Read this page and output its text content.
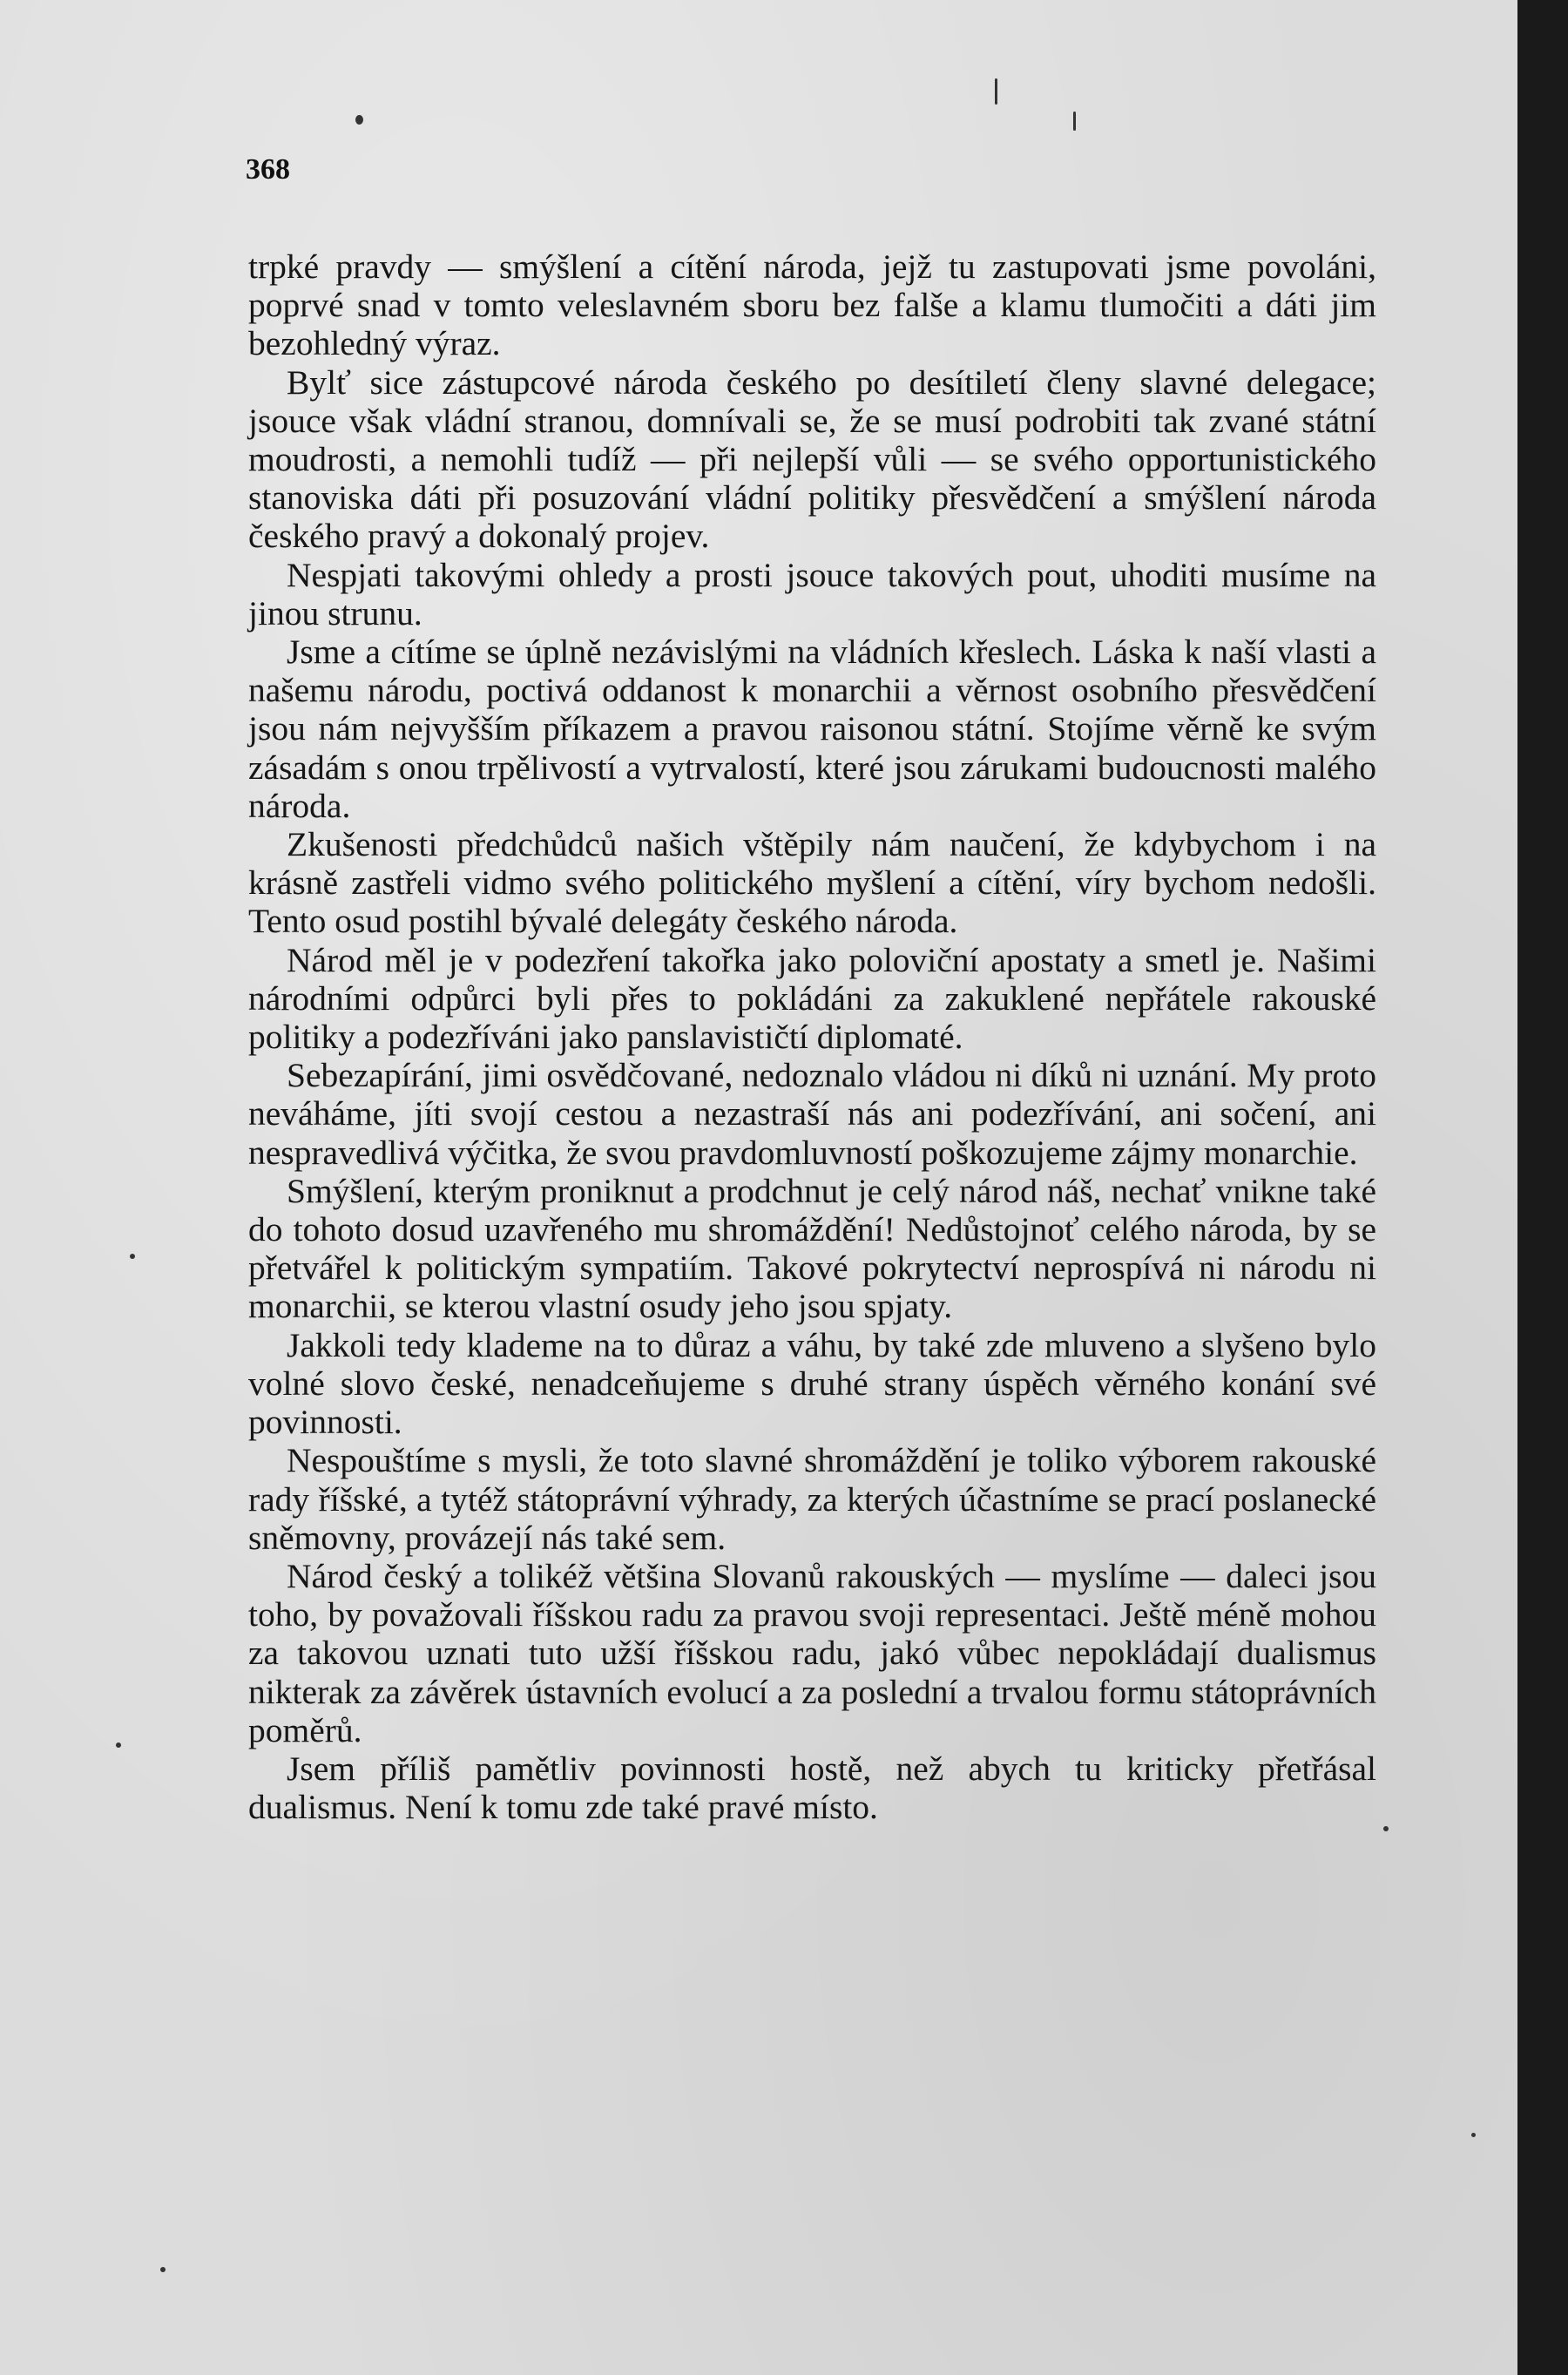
368

trpké pravdy — smýšlení a cítění národa, jejž tu zastupovati jsme povoláni, poprvé snad v tomto veleslavném sboru bez falše a klamu tlumočiti a dáti jim bezohledný výraz.

Bylť sice zástupcové národa českého po desítiletí členy slavné delegace; jsouce však vládní stranou, domnívali se, že se musí podrobiti tak zvané státní moudrosti, a nemohli tudíž — při nejlepší vůli — se svého opportunistického stanoviska dáti při posuzování vládní politiky přesvědčení a smýšlení národa českého pravý a dokonalý projev.

Nespjati takovými ohledy a prosti jsouce takových pout, uhoditi musíme na jinou strunu.

Jsme a cítíme se úplně nezávislými na vládních křeslech. Láska k naší vlasti a našemu národu, poctivá oddanost k monarchii a věrnost osobního přesvědčení jsou nám nejvyšším příkazem a pravou raisonou státní. Stojíme věrně ke svým zásadám s onou trpělivostí a vytrvalostí, které jsou zárukami budoucnosti malého národa.

Zkušenosti předchůdců našich vštěpily nám naučení, že kdybychom i na krásně zastřeli vidmo svého politického myšlení a cítění, víry bychom nedošli. Tento osud postihl bývalé delegáty českého národa.

Národ měl je v podezření takořka jako poloviční apostaty a smetl je. Našimi národními odpůrci byli přes to pokládáni za zakuklené nepřátele rakouské politiky a podezříváni jako panslavističtí diplomaté.

Sebezapírání, jimi osvědčované, nedoznalo vládou ni díků ni uznání. My proto neváháme, jíti svojí cestou a nezastraší nás ani podezřívání, ani sočení, ani nespravedlivá výčitka, že svou pravdomluvností poškozujeme zájmy monarchie.

Smýšlení, kterým proniknut a prodchnut je celý národ náš, nechať vnikne také do tohoto dosud uzavřeného mu shromáždění! Nedůstojnoť celého národa, by se přetvářel k politickým sympatiím. Takové pokrytectví neprospívá ni národu ni monarchii, se kterou vlastní osudy jeho jsou spjaty.

Jakkoli tedy klademe na to důraz a váhu, by také zde mluveno a slyšeno bylo volné slovo české, nenadceňujeme s druhé strany úspěch věrného konání své povinnosti.

Nespouštíme s mysli, že toto slavné shromáždění je toliko výborem rakouské rady říšské, a tytéž státoprávní výhrady, za kterých účastníme se prací poslanecké sněmovny, provázejí nás také sem.

Národ český a tolikéž většina Slovanů rakouských — myslíme — daleci jsou toho, by považovali říšskou radu za pravou svoji representaci. Ještě méně mohou za takovou uznati tuto užší říšskou radu, jakó vůbec nepokládají dualismus nikterak za závěrek ústavních evolucí a za poslední a trvalou formu státoprávních poměrů.

Jsem příliš pamětliv povinnosti hostě, než abych tu kriticky přetřásal dualismus. Není k tomu zde také pravé místo.
